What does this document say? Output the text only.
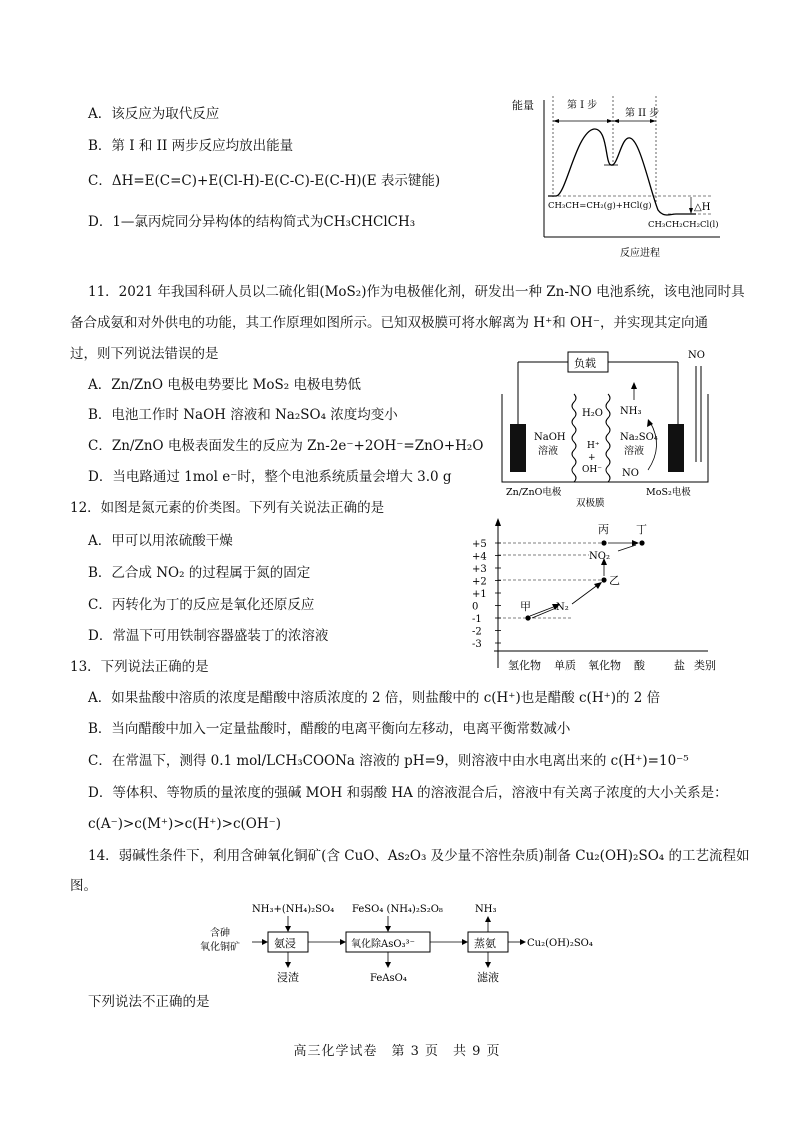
A．该反应为取代反应
B．第 I 和 II 两步反应均放出能量
C．ΔH=E(C=C)+E(Cl-H)-E(C-C)-E(C-H)(E 表示键能)
D．1—氯丙烷同分异构体的结构简式为CH₃CHClCH₃
能量	第 I 步
第 II 步
△H
CH₃CH=CH₂(g)+HCl(g)
CH₃CH₂CH₂Cl(l)
反应进程
11．2021 年我国科研人员以二硫化钼(MoS₂)作为电极催化剂，研发出一种 Zn-NO 电池系统，该电池同时具
备合成氨和对外供电的功能，其工作原理如图所示。已知双极膜可将水解离为 H⁺和 OH⁻，并实现其定向通
过，则下列说法错误的是
A．Zn/ZnO 电极电势要比 MoS₂ 电极电势低
B．电池工作时 NaOH 溶液和 Na₂SO₄ 浓度均变小
C．Zn/ZnO 电极表面发生的反应为 Zn-2e⁻+2OH⁻=ZnO+H₂O
D．当电路通过 1mol e⁻时，整个电池系统质量会增大 3.0 g
负载
NO
H₂O
H⁺
+
OH⁻
NaOH
溶液
NH₃
Na₂SO₄
溶液
NO
Zn/ZnO电极	MoS₂电极
双极膜
12．如图是氮元素的价类图。下列有关说法正确的是
A．甲可以用浓硫酸干燥
B．乙合成 NO₂ 的过程属于氮的固定
C．丙转化为丁的反应是氧化还原反应
D．常温下可用铁制容器盛装丁的浓溶液
+5
+4
+3
+2
+1
0
-1
-2
-3
甲	N₂
乙
NO₂
丙 丁
氢化物 单质 氧化物 酸	盐 类别
13．下列说法正确的是
A．如果盐酸中溶质的浓度是醋酸中溶质浓度的 2 倍，则盐酸中的 c(H⁺)也是醋酸 c(H⁺)的 2 倍
B．当向醋酸中加入一定量盐酸时，醋酸的电离平衡向左移动，电离平衡常数减小
C．在常温下，测得 0.1 mol/LCH₃COONa 溶液的 pH=9，则溶液中由水电离出来的 c(H⁺)=10⁻⁵
D．等体积、等物质的量浓度的强碱 MOH 和弱酸 HA 的溶液混合后，溶液中有关离子浓度的大小关系是：
c(A⁻)>c(M⁺)>c(H⁺)>c(OH⁻)
14．弱碱性条件下，利用含砷氧化铜矿(含 CuO、As₂O₃ 及少量不溶性杂质)制备 Cu₂(OH)₂SO₄ 的工艺流程如
图。
NH₃+(NH₄)₂SO₄ FeSO₄ (NH₄)₂S₂O₈	NH₃
含砷
氧化铜矿	氨浸	氧化除AsO₃³⁻	蒸氨	Cu₂(OH)₂SO₄
浸渣	FeAsO₄	滤液
下列说法不正确的是
高三化学试卷　第 3 页　共 9 页
